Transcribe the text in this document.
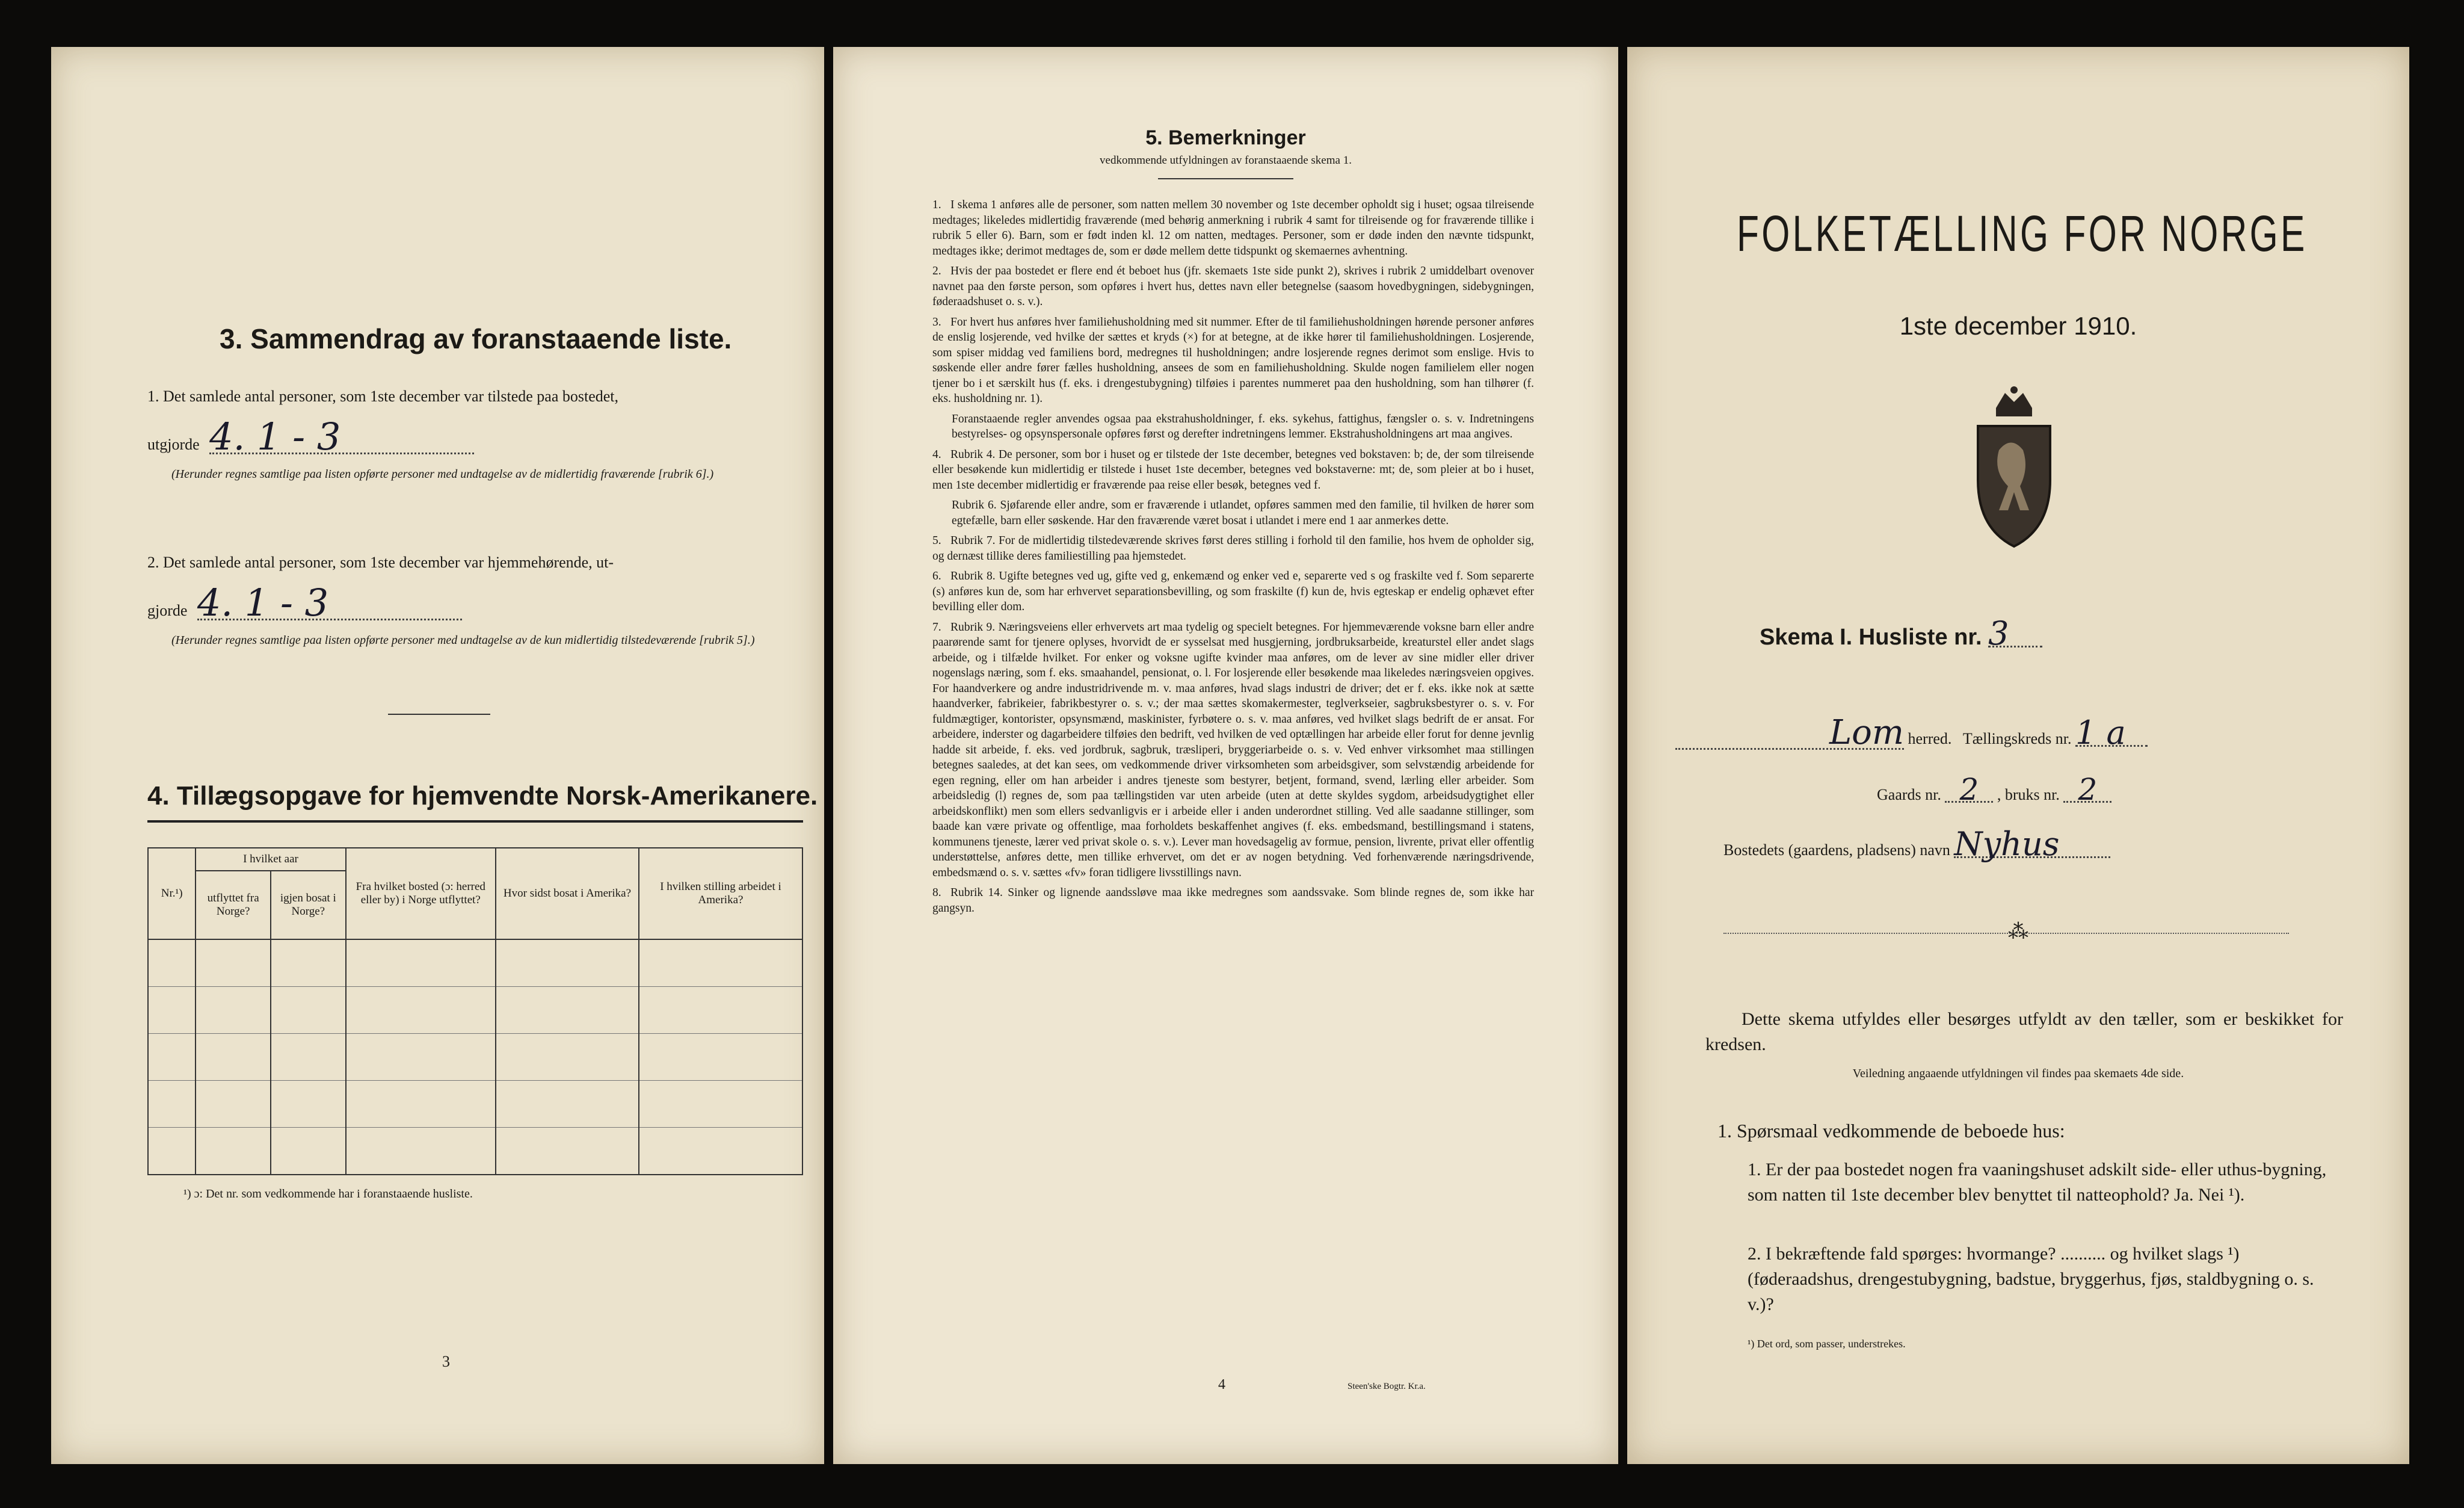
3. Sammendrag av foranstaaende liste.
1. Det samlede antal personer, som 1ste december var tilstede paa bostedet,
utgjorde 4. 1 - 3
(Herunder regnes samtlige paa listen opførte personer med undtagelse av de midlertidig fraværende [rubrik 6].)
2. Det samlede antal personer, som 1ste december var hjemmehørende, ut-
gjorde 4. 1 - 3
(Herunder regnes samtlige paa listen opførte personer med undtagelse av de kun midlertidig tilstedeværende [rubrik 5].)
4. Tillægsopgave for hjemvendte Norsk-Amerikanere.
Nr.¹)	I hvilket aar		Fra hvilket bosted (ɔ: herred eller by) i Norge utflyttet?	Hvor sidst bosat i Amerika?	I hvilken stilling arbeidet i Amerika?
	utflyttet fra Norge?	igjen bosat i Norge?			

¹) ɔ: Det nr. som vedkommende har i foranstaaende husliste.
3
5. Bemerkninger
vedkommende utfyldningen av foranstaaende skema 1.

1. I skema 1 anføres alle de personer, som natten mellem 30 november og 1ste december opholdt sig i huset; ogsaa tilreisende medtages; likeledes midlertidig fraværende (med behørig anmerkning i rubrik 4 samt for tilreisende og for fraværende tillike i rubrik 5 eller 6). Barn, som er født inden kl. 12 om natten, medtages. Personer, som er døde inden den nævnte tidspunkt, medtages ikke; derimot medtages de, som er døde mellem dette tidspunkt og skemaernes avhentning.

2. Hvis der paa bostedet er flere end ét beboet hus (jfr. skemaets 1ste side punkt 2), skrives i rubrik 2 umiddelbart ovenover navnet paa den første person, som opføres i hvert hus, dettes navn eller betegnelse (saasom hovedbygningen, sidebygningen, føderaadshuset o. s. v.).

3. For hvert hus anføres hver familiehusholdning med sit nummer. Efter de til familiehusholdningen hørende personer anføres de enslig losjerende, ved hvilke der sættes et kryds (×) for at betegne, at de ikke hører til familiehusholdningen. Losjerende, som spiser middag ved familiens bord, medregnes til husholdningen; andre losjerende regnes derimot som enslige. Hvis to søskende eller andre fører fælles husholdning, ansees de som en familiehusholdning. Skulde nogen familielem eller nogen tjener bo i et særskilt hus (f. eks. i drengestubygning) tilføies i parentes nummeret paa den husholdning, som han tilhører (f. eks. husholdning nr. 1).

Foranstaaende regler anvendes ogsaa paa ekstrahusholdninger, f. eks. sykehus, fattighus, fængsler o. s. v. Indretningens bestyrelses- og opsynspersonale opføres først og derefter indretningens lemmer. Ekstrahusholdningens art maa angives.

4. Rubrik 4. De personer, som bor i huset og er tilstede der 1ste december, betegnes ved bokstaven: b; de, der som tilreisende eller besøkende kun midlertidig er tilstede i huset 1ste december, betegnes ved bokstaverne: mt; de, som pleier at bo i huset, men 1ste december midlertidig er fraværende paa reise eller besøk, betegnes ved f.

Rubrik 6. Sjøfarende eller andre, som er fraværende i utlandet, opføres sammen med den familie, til hvilken de hører som egtefælle, barn eller søskende. Har den fraværende været bosat i utlandet i mere end 1 aar anmerkes dette.

5. Rubrik 7. For de midlertidig tilstedeværende skrives først deres stilling i forhold til den familie, hos hvem de opholder sig, og dernæst tillike deres familiestilling paa hjemstedet.

6. Rubrik 8. Ugifte betegnes ved ug, gifte ved g, enkemænd og enker ved e, separerte ved s og fraskilte ved f. Som separerte (s) anføres kun de, som har erhvervet separationsbevilling, og som fraskilte (f) kun de, hvis egteskap er endelig ophævet efter bevilling eller dom.

7. Rubrik 9. Næringsveiens eller erhvervets art maa tydelig og specielt betegnes. For hjemmeværende voksne barn eller andre paarørende samt for tjenere oplyses, hvorvidt de er sysselsat med husgjerning, jordbruksarbeide, kreaturstel eller andet slags arbeide, og i tilfælde hvilket. For enker og voksne ugifte kvinder maa anføres, om de lever av sine midler eller driver nogenslags næring, som f. eks. smaahandel, pensionat, o. l. For losjerende eller besøkende maa likeledes næringsveien opgives. For haandverkere og andre industridrivende m. v. maa anføres, hvad slags industri de driver; det er f. eks. ikke nok at sætte haandverker, fabrikeier, fabrikbestyrer o. s. v.; der maa sættes skomakermester, teglverkseier, sagbruksbestyrer o. s. v. For fuldmægtiger, kontorister, opsynsmænd, maskinister, fyrbøtere o. s. v. maa anføres, ved hvilket slags bedrift de er ansat. For arbeidere, inderster og dagarbeidere tilføies den bedrift, ved hvilken de ved optællingen har arbeide eller forut for denne jevnlig hadde sit arbeide, f. eks. ved jordbruk, sagbruk, træsliperi, bryggeriarbeide o. s. v. Ved enhver virksomhet maa stillingen betegnes saaledes, at det kan sees, om vedkommende driver virksomheten som arbeidsgiver, som selvstændig arbeidende for egen regning, eller om han arbeider i andres tjeneste som bestyrer, betjent, formand, svend, lærling eller arbeider. Som arbeidsledig (l) regnes de, som paa tællingstiden var uten arbeide (uten at dette skyldes sygdom, arbeidsudygtighet eller arbeidskonflikt) men som ellers sedvanligvis er i arbeide eller i anden underordnet stilling. Ved alle saadanne stillinger, som baade kan være private og offentlige, maa forholdets beskaffenhet angives (f. eks. embedsmand, bestillingsmand i statens, kommunens tjeneste, lærer ved privat skole o. s. v.). Lever man hovedsagelig av formue, pension, livrente, privat eller offentlig understøttelse, anføres dette, men tillike erhvervet, om det er av nogen betydning. Ved forhenværende næringsdrivende, embedsmænd o. s. v. sættes «fv» foran tidligere livsstillings navn.

8. Rubrik 14. Sinker og lignende aandssløve maa ikke medregnes som aandssvake. Som blinde regnes de, som ikke har gangsyn.

4	Steen'ske Bogtr. Kr.a.
FOLKETÆLLING FOR NORGE
1ste december 1910.
Skema I. Husliste nr. 3
Lom herred. Tællingskreds nr. 1 a
Gaards nr. 2 , bruks nr. 2
Bostedets (gaardens, pladsens) navn Nyhus
⁂
Dette skema utfyldes eller besørges utfyldt av den tæller, som er beskikket for kredsen.
Veiledning angaaende utfyldningen vil findes paa skemaets 4de side.
1. Spørsmaal vedkommende de beboede hus:
1. Er der paa bostedet nogen fra vaaningshuset adskilt side- eller uthus-bygning, som natten til 1ste december blev benyttet til natteophold? Ja. Nei ¹).
2. I bekræftende fald spørges: hvormange? .......... og hvilket slags ¹) (føderaadshus, drengestubygning, badstue, bryggerhus, fjøs, staldbygning o. s. v.)?
¹) Det ord, som passer, understrekes.
